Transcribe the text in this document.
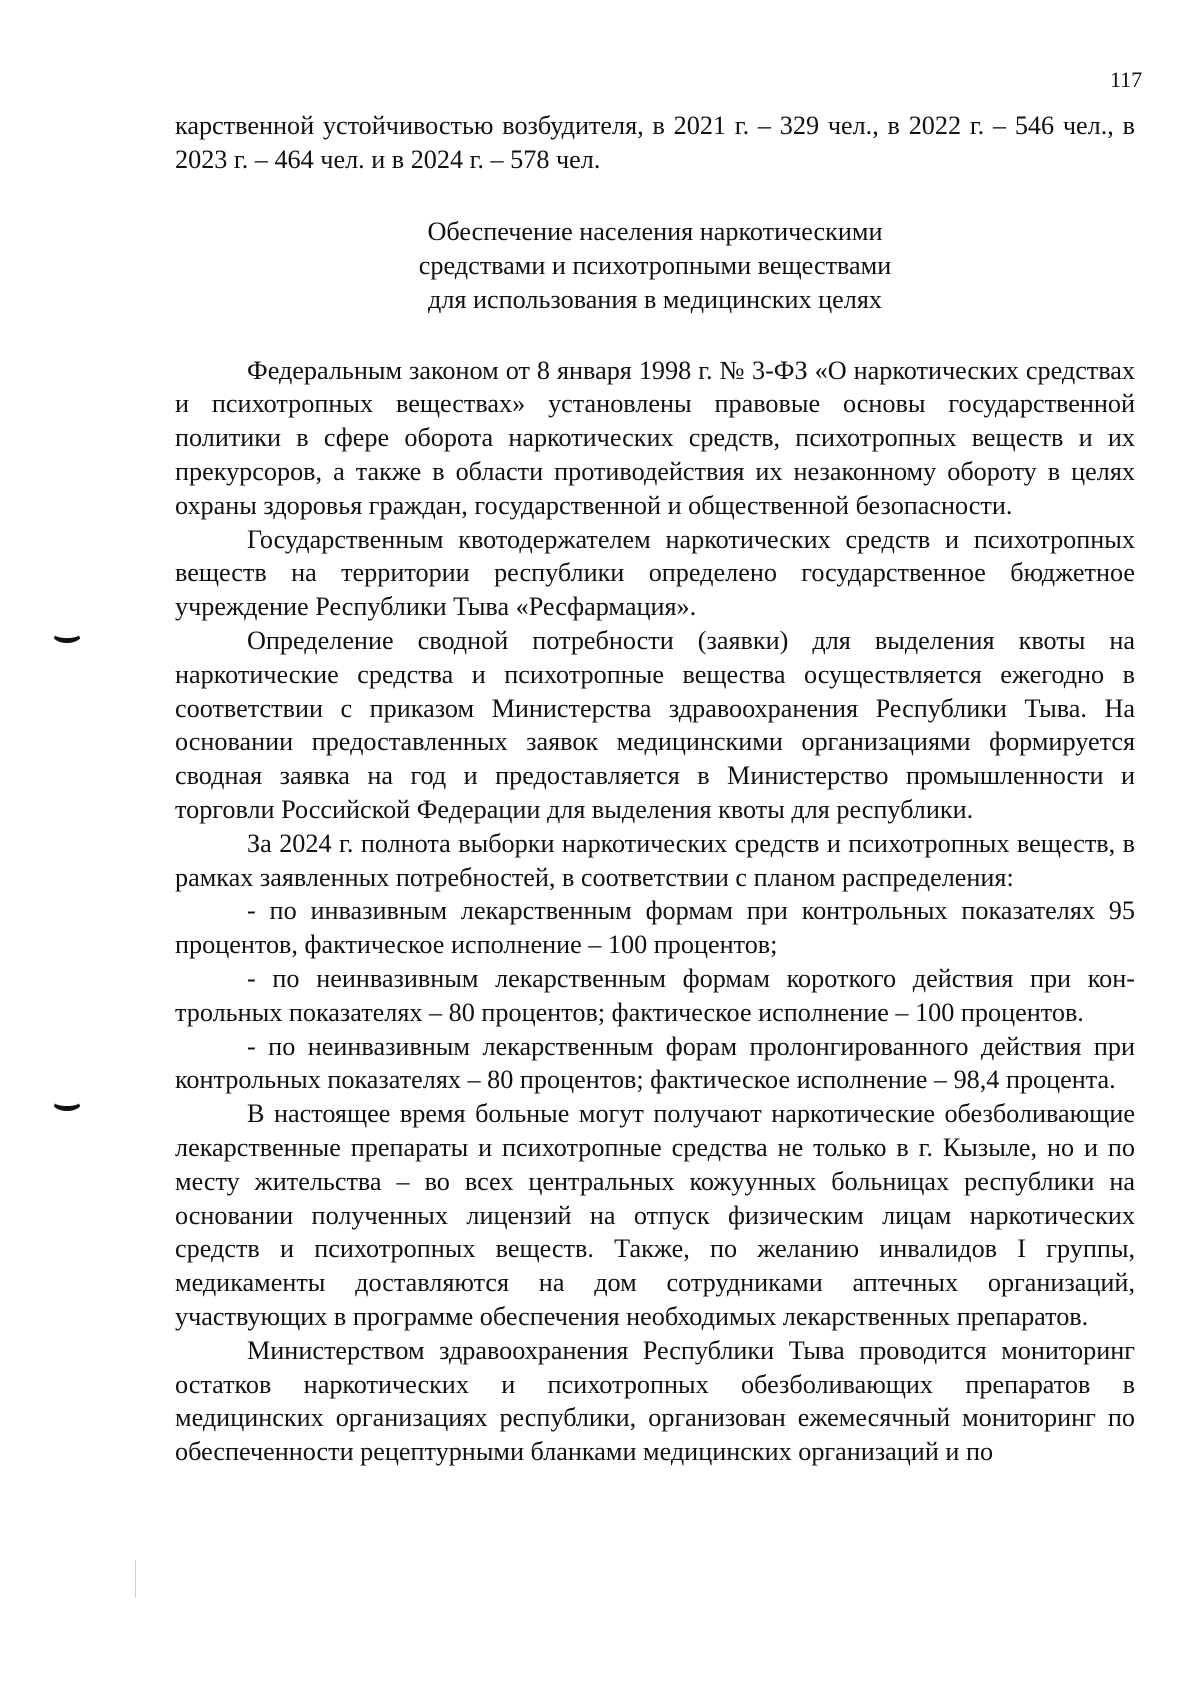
117

карственной устойчивостью возбудителя, в 2021 г. – 329 чел., в 2022 г. – 546 чел., в 2023 г. – 464 чел. и в 2024 г. – 578 чел.

Обеспечение населения наркотическими
средствами и психотропными веществами
для использования в медицинских целях

Федеральным законом от 8 января 1998 г. № 3-ФЗ «О наркотических средствах и психотропных веществах» установлены правовые основы государственной политики в сфере оборота наркотических средств, психотропных веществ и их прекурсоров, а также в области противодействия их незаконному обороту в целях охраны здоровья граждан, государственной и общественной безопасности.

Государственным квотодержателем наркотических средств и психотропных веществ на территории республики определено государственное бюджетное учреждение Республики Тыва «Ресфармация».

Определение сводной потребности (заявки) для выделения квоты на наркотические средства и психотропные вещества осуществляется ежегодно в соответствии с приказом Министерства здравоохранения Республики Тыва. На основании предоставленных заявок медицинскими организациями формируется сводная заявка на год и предоставляется в Министерство промышленности и торговли Российской Федерации для выделения квоты для республики.

За 2024 г. полнота выборки наркотических средств и психотропных веществ, в рамках заявленных потребностей, в соответствии с планом распределения:

- по инвазивным лекарственным формам при контрольных показателях 95 процентов, фактическое исполнение – 100 процентов;

- по неинвазивным лекарственным формам короткого действия при контрольных показателях – 80 процентов; фактическое исполнение – 100 процентов.

- по неинвазивным лекарственным форам пролонгированного действия при контрольных показателях – 80 процентов; фактическое исполнение – 98,4 процента.

В настоящее время больные могут получают наркотические обезболивающие лекарственные препараты и психотропные средства не только в г. Кызыле, но и по месту жительства – во всех центральных кожуунных больницах республики на основании полученных лицензий на отпуск физическим лицам наркотических средств и психотропных веществ. Также, по желанию инвалидов I группы, медикаменты доставляются на дом сотрудниками аптечных организаций, участвующих в программе обеспечения необходимых лекарственных препаратов.

Министерством здравоохранения Республики Тыва проводится мониторинг остатков наркотических и психотропных обезболивающих препаратов в медицинских организациях республики, организован ежемесячный мониторинг по обеспеченности рецептурными бланками медицинских организаций и по
